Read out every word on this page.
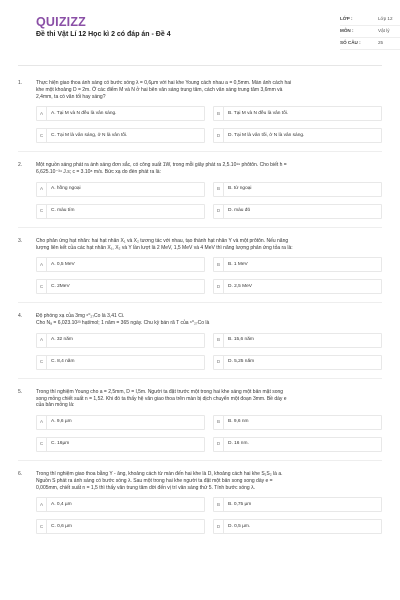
QUIZIZZ
Đề thi Vật Lí 12 Học kì 2 có đáp án - Đề 4
LỚP :	Lớp 12
MÔN :	Vật lý
SỐ CÂU :	25
1.	Thực hiện giao thoa ánh sáng có bước sóng λ = 0,6µm với hai khe Young cách nhau a = 0,5mm. Màn ảnh cách hai
khe một khoảng D = 2m. Ở các điểm M và N ở hai bên vân sáng trung tâm, cách vân sáng trung tâm 3,6mm và
2,4mm, ta có vân tối hay sáng?
A	A. Tại M và N đều là vân sáng.	B	B. Tại M và N đều là vân tối.
C	C. Tại M là vân sáng, ở N là vân tối.	D	D. Tại M là vân tối, ở N là vân sáng.
2.	Một nguồn sáng phát ra ánh sáng đơn sắc, có công suất 1W, trong mỗi giây phát ra 2,5.10¹⁹ phôtôn. Cho biết h =
6,625.10⁻³⁴ J.s; c = 3.10⁸ m/s. Bức xạ do đèn phát ra là:
A	A. hồng ngoại	B	B. tử ngoại
C	C. màu tím	D	D. màu đỏ
3.	Cho phản ứng hạt nhân: hai hạt nhân X₁ và X₂ tương tác với nhau, tạo thành hạt nhân Y và một prôtôn. Nếu năng
lượng liên kết của các hạt nhân X₁, X₂ và Y lần lượt là 2 MeV, 1,5 MeV và 4 MeV thì năng lượng phản ứng tỏa ra là:
A	A. 0,5 MeV	B	B. 1 MeV
C	C. 2MeV	D	D. 2,5 MeV
4.	Độ phóng xạ của 3mg ⁶⁰₂₇Co là 3,41 Ci.
Cho Nₐ = 6,023.10²³ hạt/mol; 1 năm = 365 ngày. Chu kỳ bán rã T của ⁶⁰₂₇Co là
A	A. 32 năm	B	B. 15,6 năm
C	C. 8,4 năm	D	D. 5,25 năm
5.	Trong thí nghiệm Young cho a = 2,5mm, D = l,5m. Người ta đặt trước một trong hai khe sáng một bản mặt song
song mỏng chiết suất n = 1,52. Khi đó ta thấy hệ vân giao thoa trên màn bị dịch chuyển một đoạn 3mm. Bề dày e
của bản mỏng là:
A	A. 9,6 µm	B	B. 9,6 nm
C	C. 16µm	D	D. 16 nm.
6.	Trong thí nghiệm giao thoa bằng Y - âng, khoảng cách từ màn đến hai khe là D, khoảng cách hai khe S₁S₂ là a.
Nguồn S phát ra ánh sáng có bước sóng λ. Sau một trong hai khe người ta đặt một bản song song dày e =
0,005mm, chiết suất n = 1,5 thì thấy vân trung tâm dời đến vị trí vân sáng thứ 5. Tính bước sóng λ.
A	A. 0,4 µm	B	B. 0,75 µm
C	C. 0,6 µm	D	D. 0,5 µm.
